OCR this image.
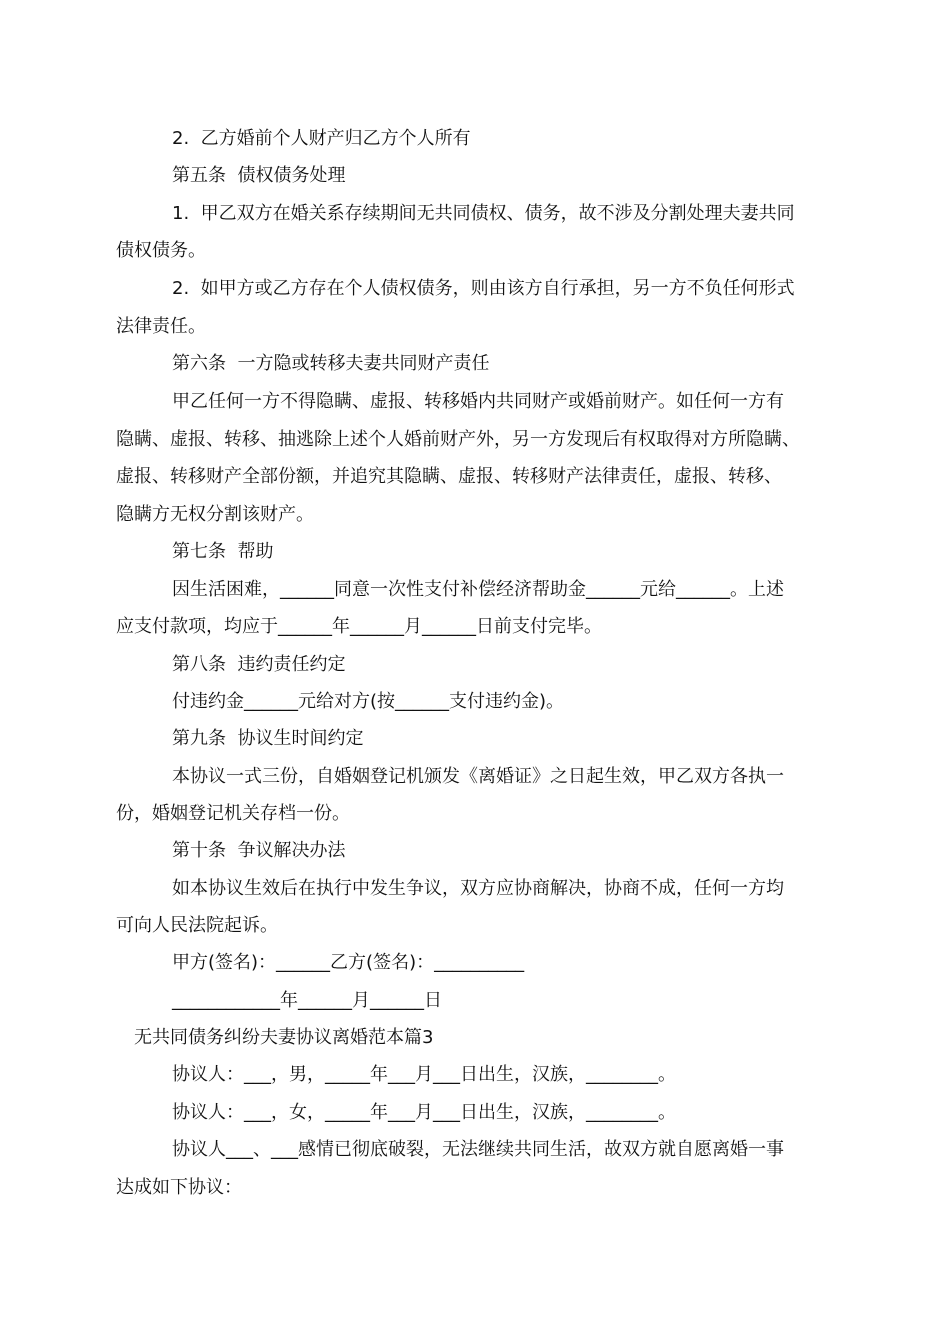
2.  乙方婚前个人财产归乙方个人所有

第五条  债权债务处理

1.  甲乙双方在婚关系存续期间无共同债权、债务，故不涉及分割处理夫妻共同

债权债务。

2.  如甲方或乙方存在个人债权债务，则由该方自行承担，另一方不负任何形式

法律责任。

第六条  一方隐或转移夫妻共同财产责任

甲乙任何一方不得隐瞒、虚报、转移婚内共同财产或婚前财产。如任何一方有

隐瞒、虚报、转移、抽逃除上述个人婚前财产外，另一方发现后有权取得对方所隐瞒、

虚报、转移财产全部份额，并追究其隐瞒、虚报、转移财产法律责任，虚报、转移、

隐瞒方无权分割该财产。

第七条  帮助

因生活困难，______同意一次性支付补偿经济帮助金______元给______。上述

应支付款项，均应于______年______月______日前支付完毕。

第八条  违约责任约定

付违约金______元给对方(按______支付违约金)。

第九条  协议生时间约定

本协议一式三份，自婚姻登记机颁发《离婚证》之日起生效，甲乙双方各执一

份，婚姻登记机关存档一份。

第十条  争议解决办法

如本协议生效后在执行中发生争议，双方应协商解决，协商不成，任何一方均

可向人民法院起诉。

甲方(签名)：______乙方(签名)：__________

____________年______月______日

无共同债务纠纷夫妻协议离婚范本篇3

协议人：___，男，_____年___月___日出生，汉族，________。

协议人：___，女，_____年___月___日出生，汉族，________。

协议人___、___感情已彻底破裂，无法继续共同生活，故双方就自愿离婚一事

达成如下协议：
